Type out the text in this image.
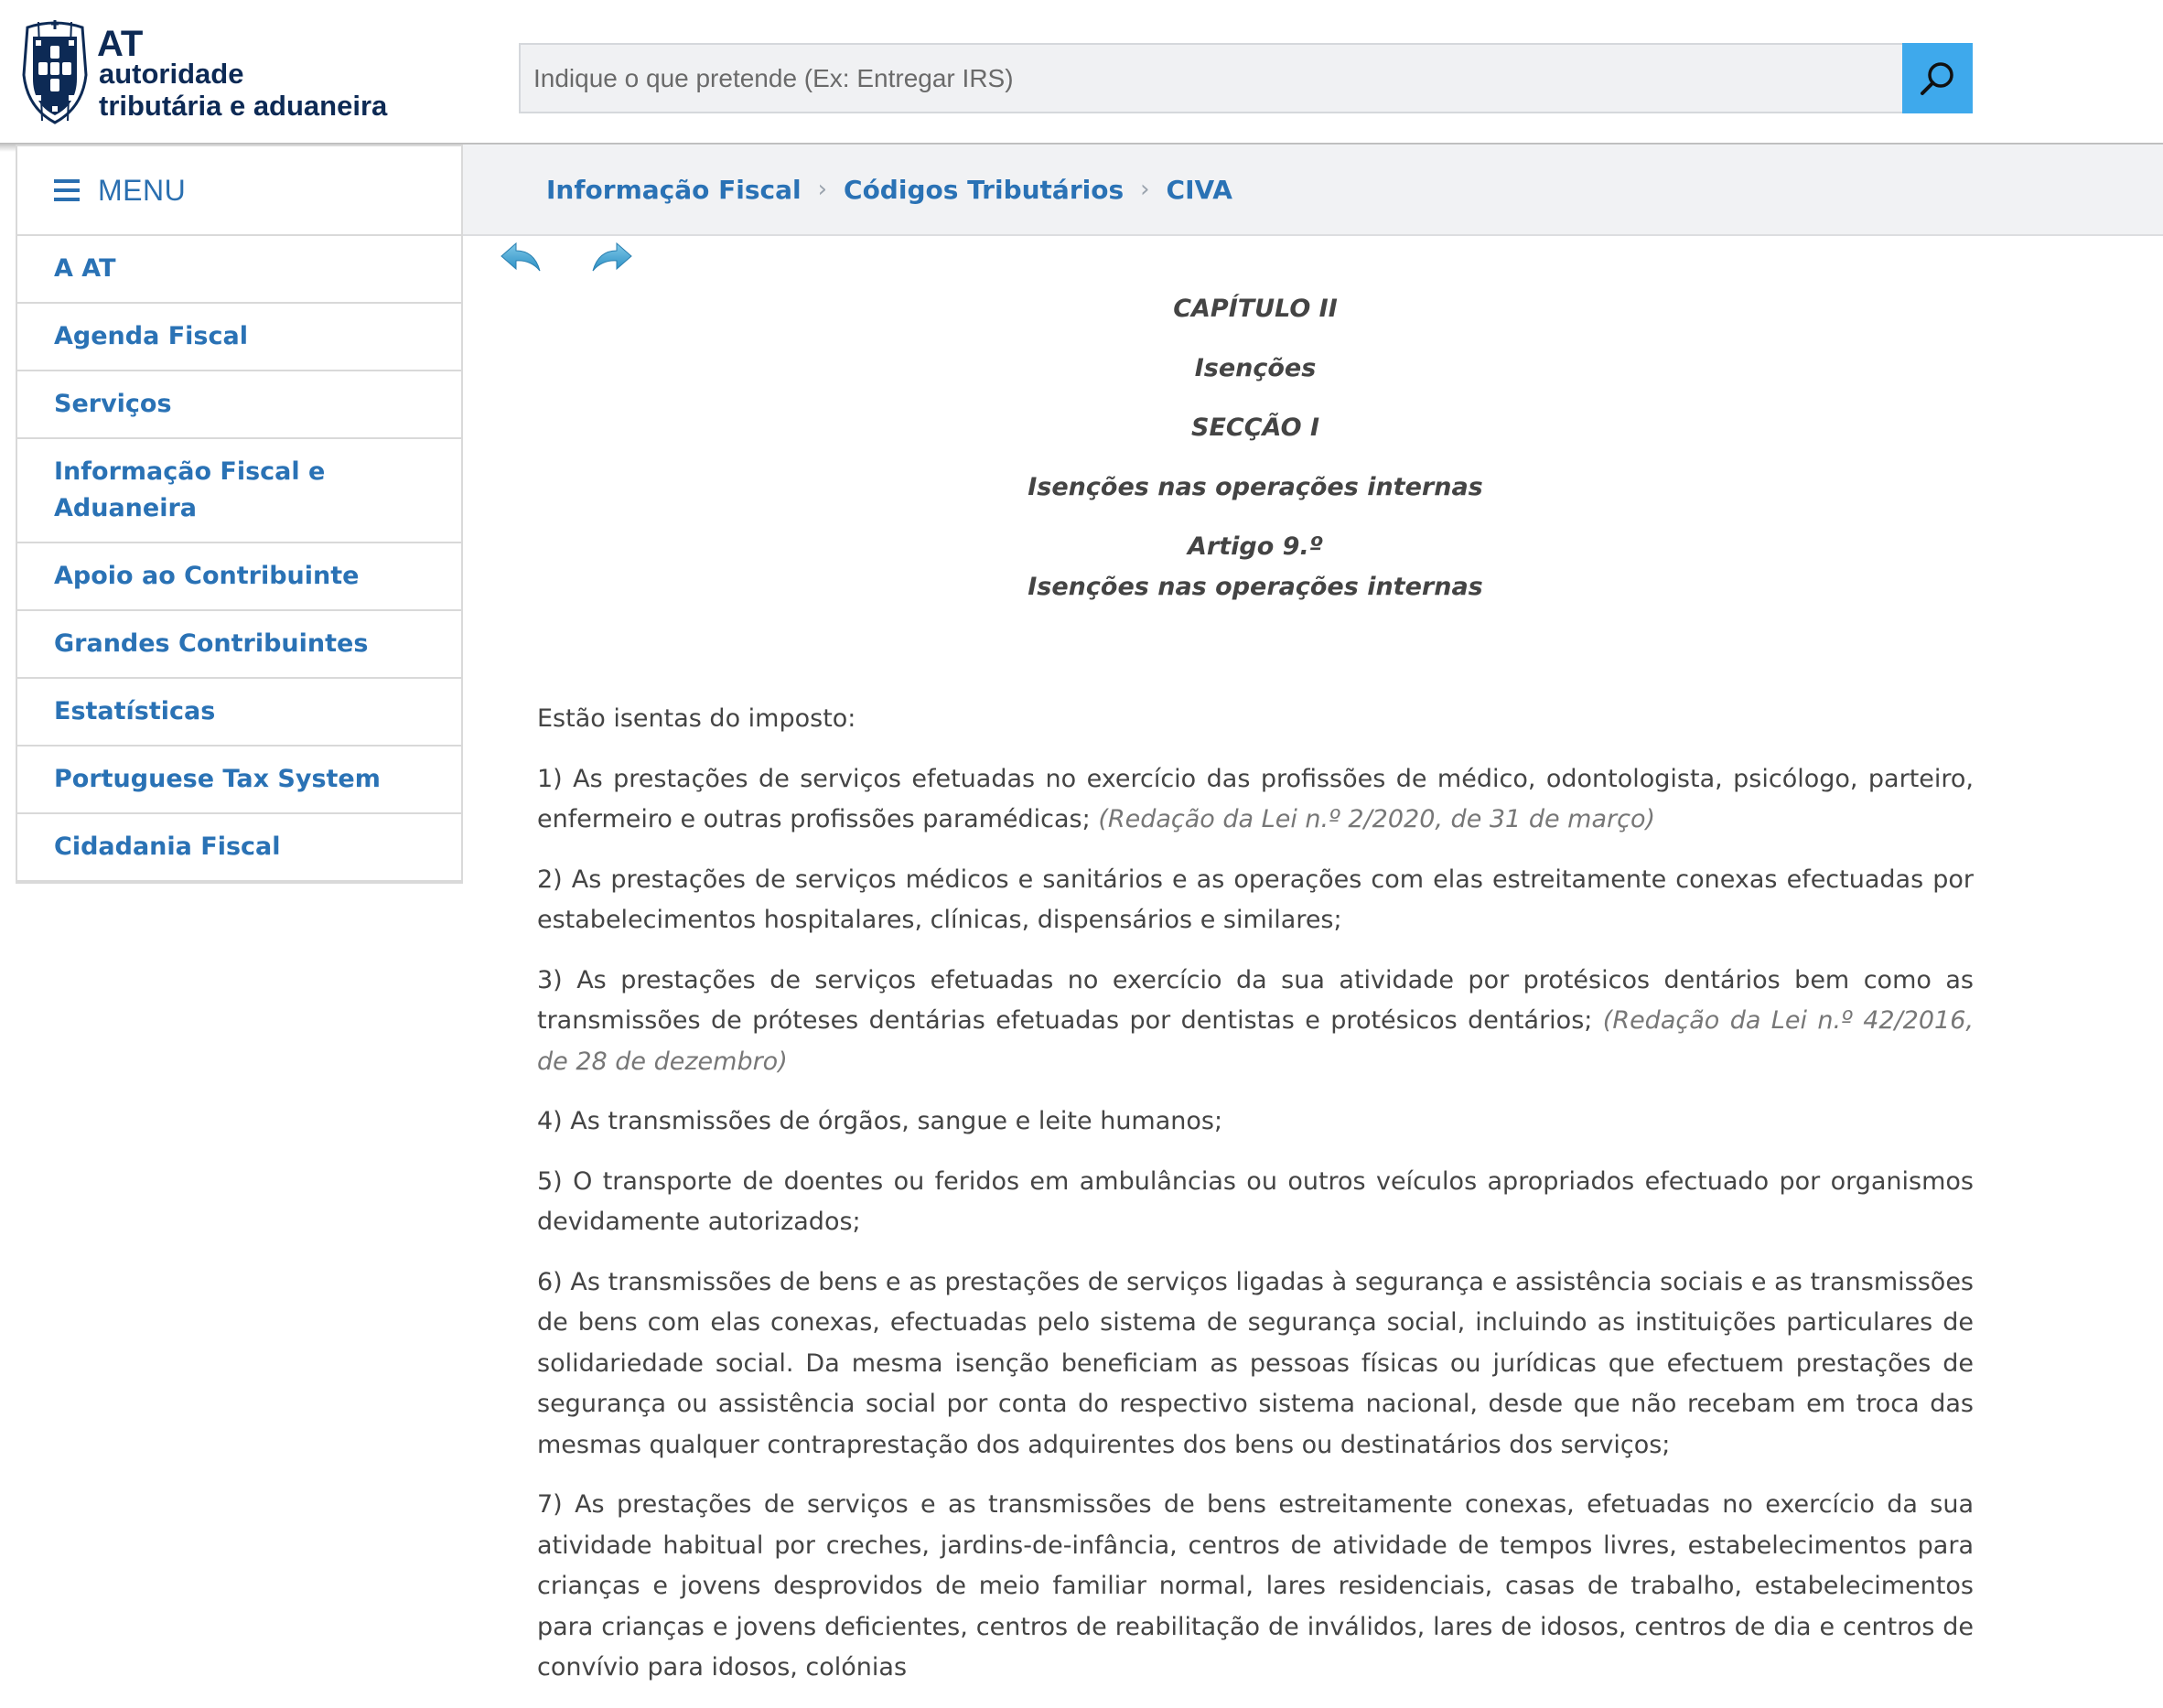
AT
autoridade
tributária e aduaneira
Indique o que pretende (Ex: Entregar IRS)
MENU
A AT
Agenda Fiscal
Serviços
Informação Fiscal e
Aduaneira
Apoio ao Contribuinte
Grandes Contribuintes
Estatísticas
Portuguese Tax System
Cidadania Fiscal
Informação Fiscal › Códigos Tributários › CIVA

CAPÍTULO II

Isenções

SECÇÃO I

Isenções nas operações internas

Artigo 9.º

Isenções nas operações internas

Estão isentas do imposto:

1) As prestações de serviços efetuadas no exercício das profissões de médico, odontologista, psicólogo, parteiro, enfermeiro e outras profissões paramédicas; (Redação da Lei n.º 2/2020, de 31 de março)

2) As prestações de serviços médicos e sanitários e as operações com elas estreitamente conexas efectuadas por estabelecimentos hospitalares, clínicas, dispensários e similares;

3) As prestações de serviços efetuadas no exercício da sua atividade por protésicos dentários bem como as transmissões de próteses dentárias efetuadas por dentistas e protésicos dentários; (Redação da Lei n.º 42/2016, de 28 de dezembro)

4) As transmissões de órgãos, sangue e leite humanos;

5) O transporte de doentes ou feridos em ambulâncias ou outros veículos apropriados efectuado por organismos devidamente autorizados;

6) As transmissões de bens e as prestações de serviços ligadas à segurança e assistência sociais e as transmissões de bens com elas conexas, efectuadas pelo sistema de segurança social, incluindo as instituições particulares de solidariedade social. Da mesma isenção beneficiam as pessoas físicas ou jurídicas que efectuem prestações de segurança ou assistência social por conta do respectivo sistema nacional, desde que não recebam em troca das mesmas qualquer contraprestação dos adquirentes dos bens ou destinatários dos serviços;

7) As prestações de serviços e as transmissões de bens estreitamente conexas, efetuadas no exercício da sua atividade habitual por creches, jardins-de-infância, centros de atividade de tempos livres, estabelecimentos para crianças e jovens desprovidos de meio familiar normal, lares residenciais, casas de trabalho, estabelecimentos para crianças e jovens deficientes, centros de reabilitação de inválidos, lares de idosos, centros de dia e centros de convívio para idosos, colónias
